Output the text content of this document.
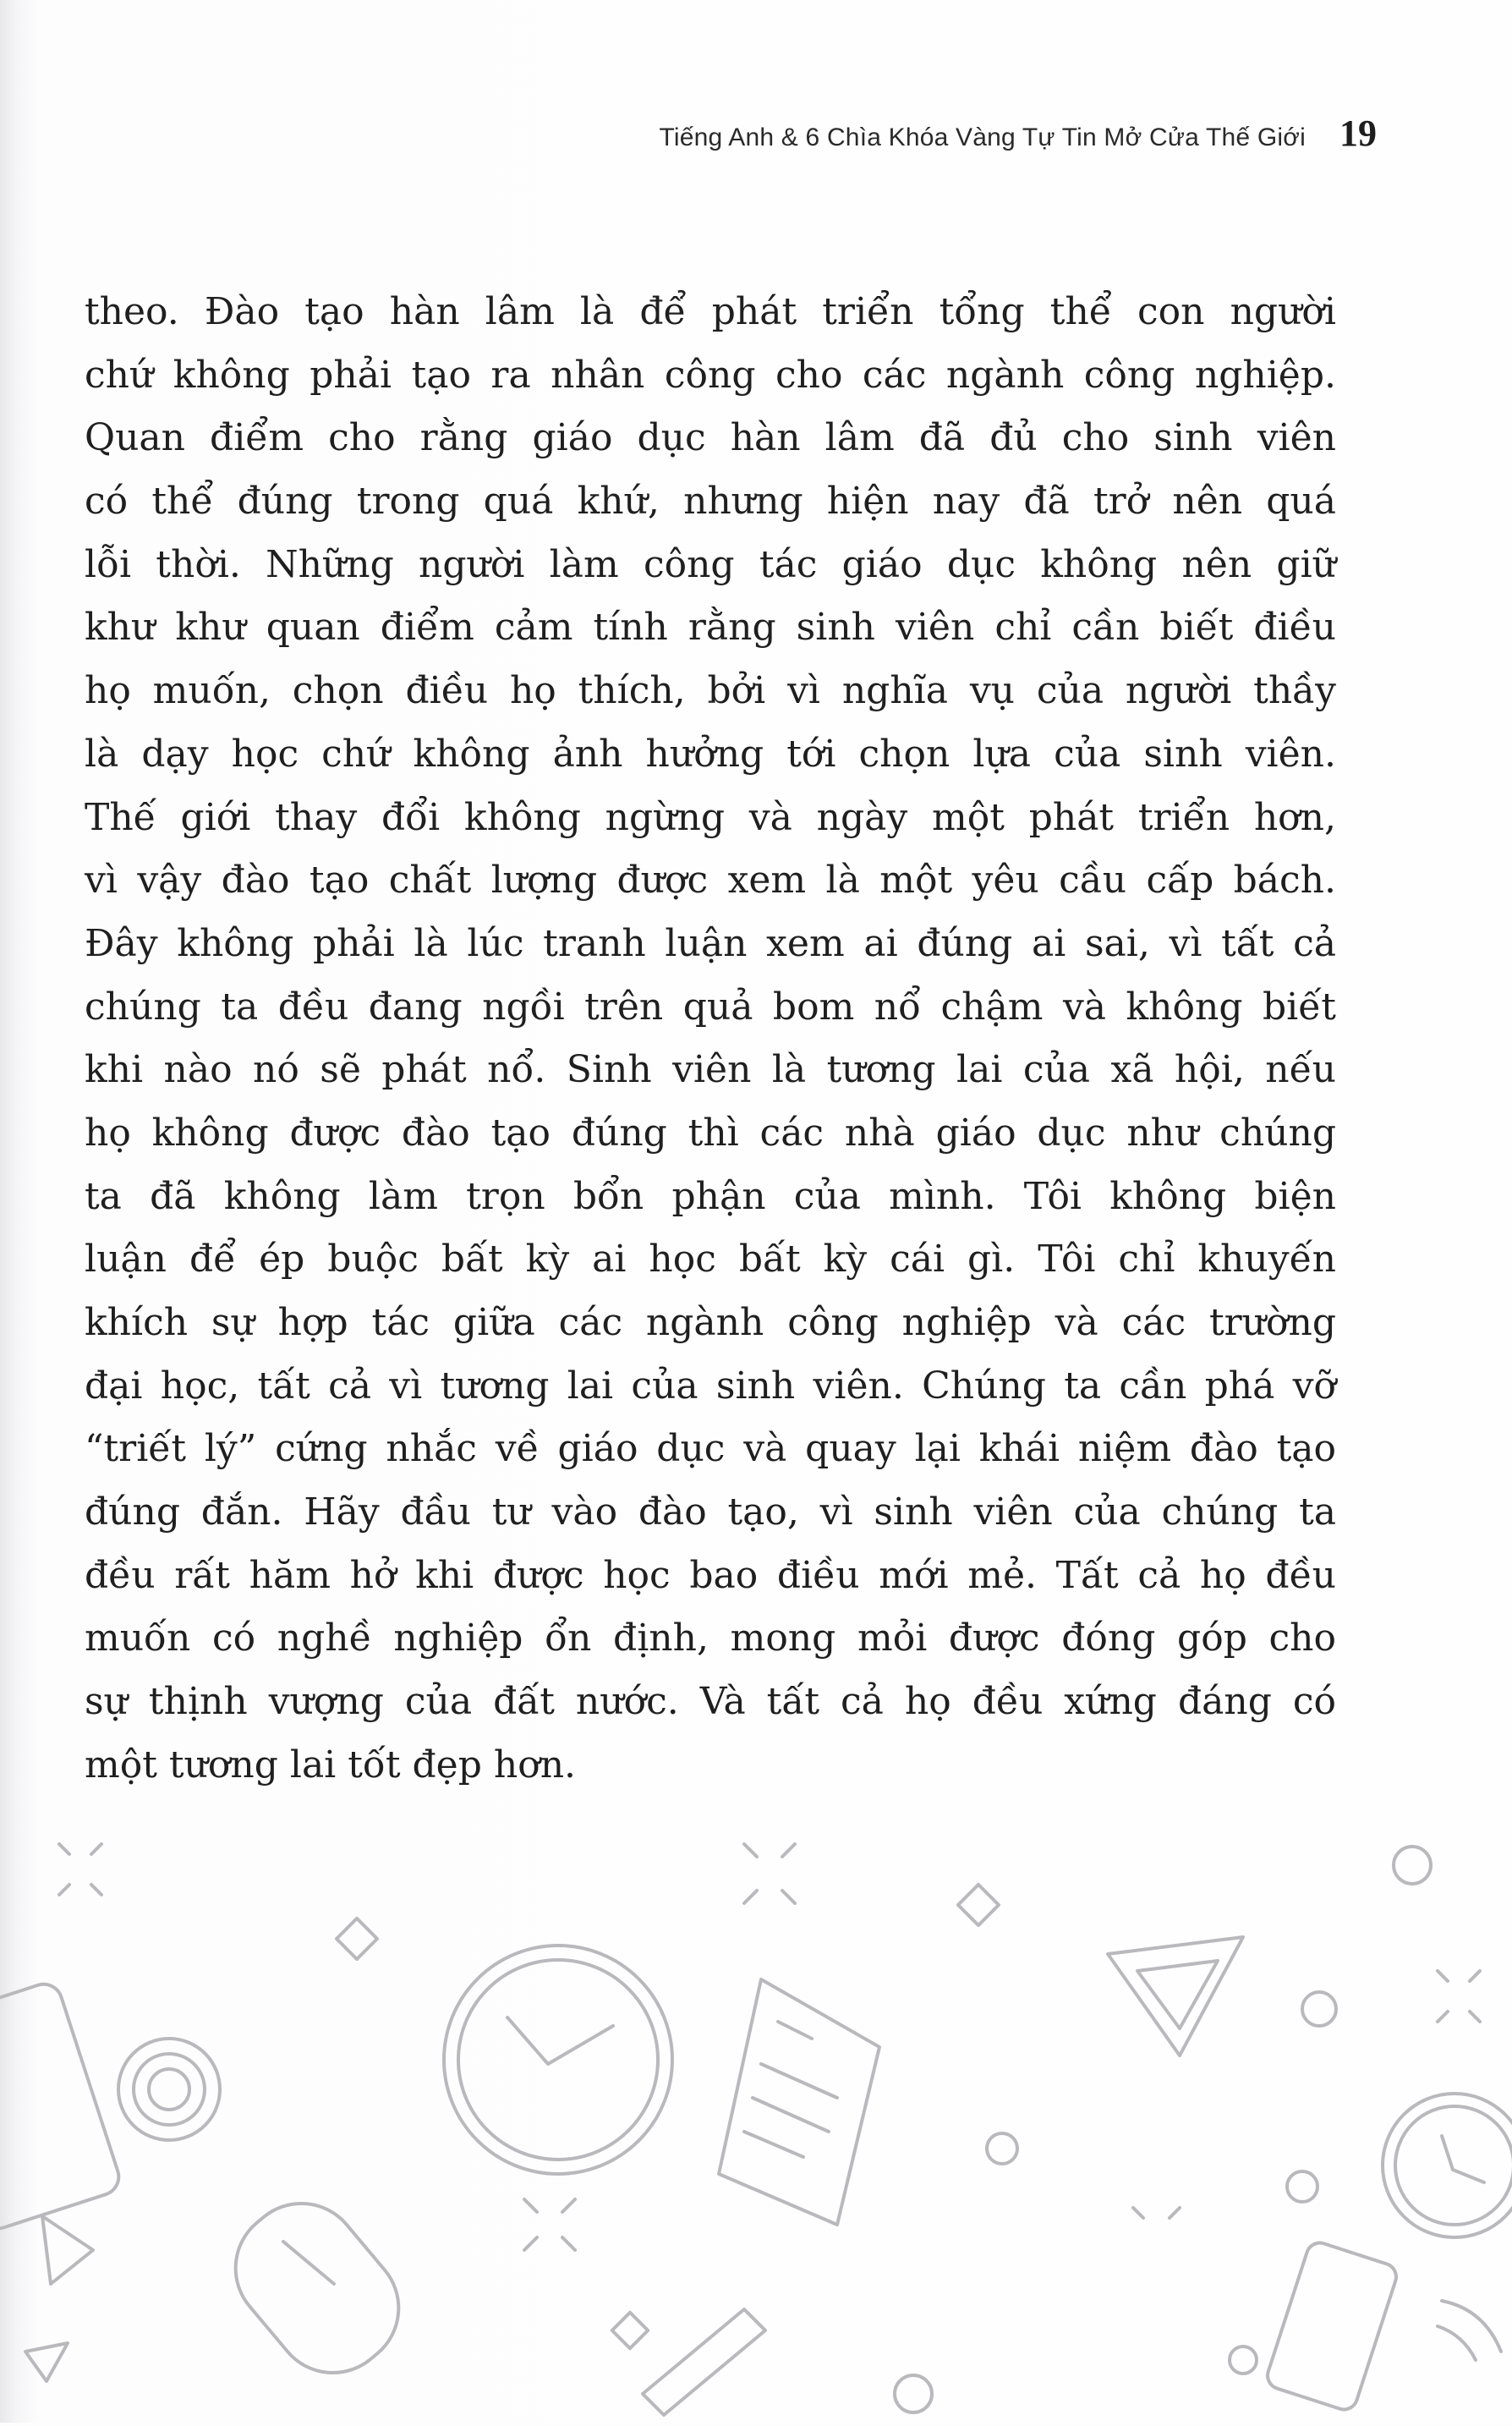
Tiếng Anh & 6 Chìa Khóa Vàng Tự Tin Mở Cửa Thế Giới 19
theo. Đào tạo hàn lâm là để phát triển tổng thể con người
chứ không phải tạo ra nhân công cho các ngành công nghiệp.
Quan điểm cho rằng giáo dục hàn lâm đã đủ cho sinh viên
có thể đúng trong quá khứ, nhưng hiện nay đã trở nên quá
lỗi thời. Những người làm công tác giáo dục không nên giữ
khư khư quan điểm cảm tính rằng sinh viên chỉ cần biết điều
họ muốn, chọn điều họ thích, bởi vì nghĩa vụ của người thầy
là dạy học chứ không ảnh hưởng tới chọn lựa của sinh viên.
Thế giới thay đổi không ngừng và ngày một phát triển hơn,
vì vậy đào tạo chất lượng được xem là một yêu cầu cấp bách.
Đây không phải là lúc tranh luận xem ai đúng ai sai, vì tất cả
chúng ta đều đang ngồi trên quả bom nổ chậm và không biết
khi nào nó sẽ phát nổ. Sinh viên là tương lai của xã hội, nếu
họ không được đào tạo đúng thì các nhà giáo dục như chúng
ta đã không làm trọn bổn phận của mình. Tôi không biện
luận để ép buộc bất kỳ ai học bất kỳ cái gì. Tôi chỉ khuyến
khích sự hợp tác giữa các ngành công nghiệp và các trường
đại học, tất cả vì tương lai của sinh viên. Chúng ta cần phá vỡ
“triết lý” cứng nhắc về giáo dục và quay lại khái niệm đào tạo
đúng đắn. Hãy đầu tư vào đào tạo, vì sinh viên của chúng ta
đều rất hăm hở khi được học bao điều mới mẻ. Tất cả họ đều
muốn có nghề nghiệp ổn định, mong mỏi được đóng góp cho
sự thịnh vượng của đất nước. Và tất cả họ đều xứng đáng có
một tương lai tốt đẹp hơn.
